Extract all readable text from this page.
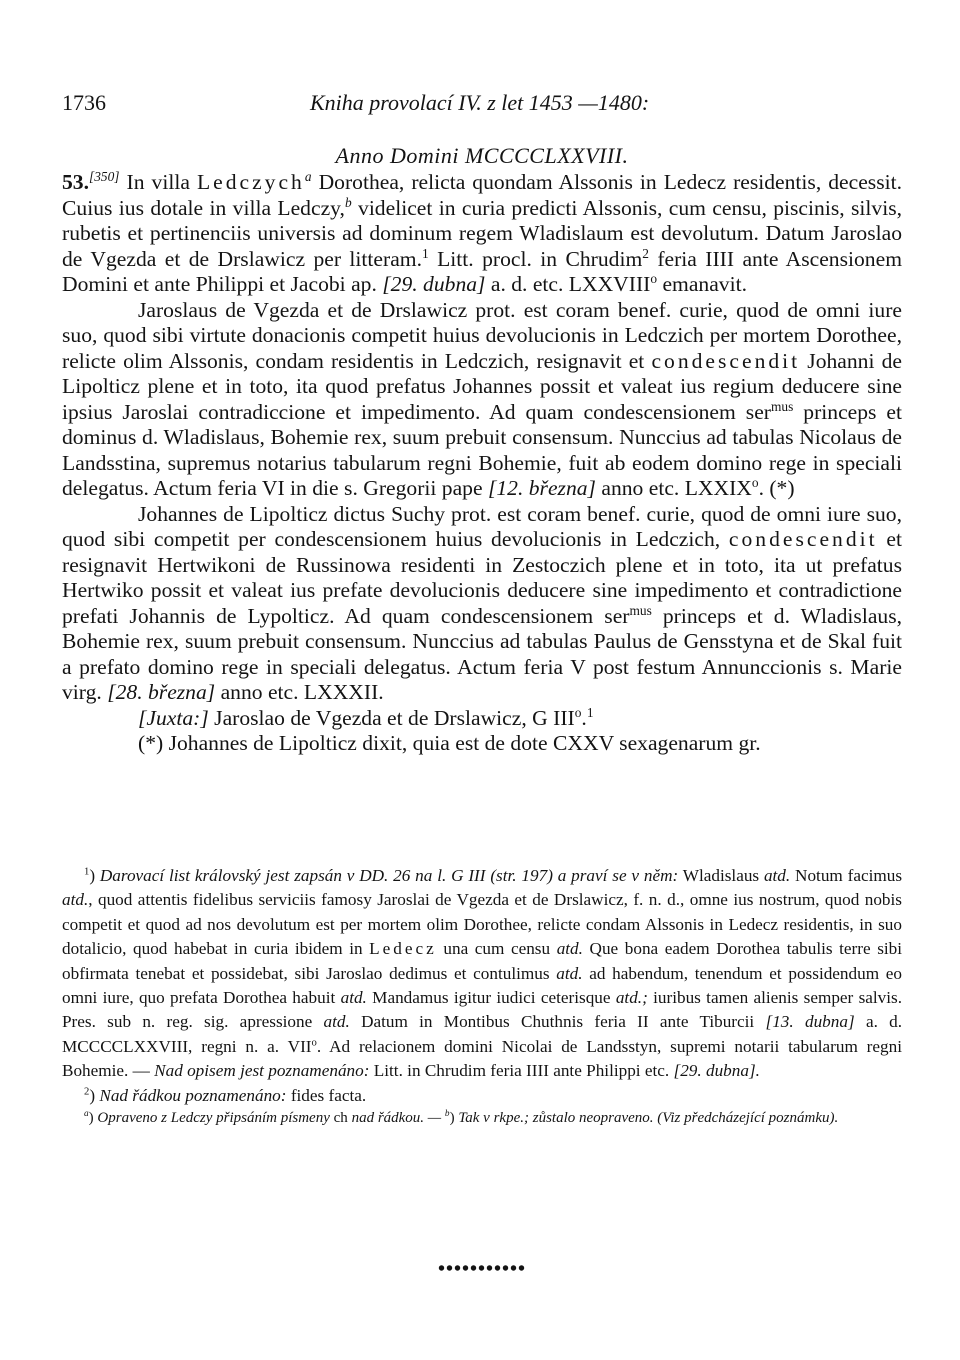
1736	Kniha provolací IV. z let 1453 —1480:
Anno Domini MCCCCLXXVIII.

53.[350] In villa Ledczych$^a$ Dorothea, relicta quondam Alssonis in Ledecz residentis, decessit. Cuius ius dotale in villa Ledczy,$^b$ videlicet in curia predicti Alssonis, cum censu, piscinis, silvis, rubetis et pertinenciis universis ad dominum regem Wladislaum est devolutum. Datum Jaroslao de Vgezda et de Drslawicz per litteram.$^1$ Litt. procl. in Chrudim$^2$ feria IIII ante Ascensionem Domini et ante Philippi et Jacobi ap. [29. dubna] a. d. etc. LXXVIII$^o$ emanavit.

Jaroslaus de Vgezda et de Drslawicz prot. est coram benef. curie, quod de omni iure suo, quod sibi virtute donacionis competit huius devolucionis in Ledczich per mortem Dorothee, relicte olim Alssonis, condam residentis in Ledczich, resignavit et condescendit Johanni de Lipolticz plene et in toto, ita quod prefatus Johannes possit et valeat ius regium deducere sine ipsius Jaroslai contradiccione et impedimento. Ad quam condescensionem ser$^{mus}$ princeps et dominus d. Wladislaus, Bohemie rex, suum prebuit consensum. Nunccius ad tabulas Nicolaus de Landsstina, supremus notarius tabularum regni Bohemie, fuit ab eodem domino rege in speciali delegatus. Actum feria VI in die s. Gregorii pape [12. března] anno etc. LXXIX$^o$. (*)

Johannes de Lipolticz dictus Suchy prot. est coram benef. curie, quod de omni iure suo, quod sibi competit per condescensionem huius devolucionis in Ledczich, condescendit et resignavit Hertwikoni de Russinowa residenti in Zestoczich plene et in toto, ita ut prefatus Hertwiko possit et valeat ius prefate devolucionis deducere sine impedimento et contradictione prefati Johannis de Lypolticz. Ad quam condescensionem ser$^{mus}$ princeps et d. Wladislaus, Bohemie rex, suum prebuit consensum. Nunccius ad tabulas Paulus de Gensstyna et de Skal fuit a prefato domino rege in speciali delegatus. Actum feria V post festum Annunccionis s. Marie virg. [28. března] anno etc. LXXXII.

[Juxta:] Jaroslao de Vgezda et de Drslawicz, G III$^o$.$^1$

(*) Johannes de Lipolticz dixit, quia est de dote CXXV sexagenarum gr.

$^1$) Darovací list královský jest zapsán v DD. 26 na l. G III (str. 197) a praví se v něm: Wladislaus atd. Notum facimus atd., quod attentis fidelibus serviciis famosy Jaroslai de Vgezda et de Drslawicz, f. n. d., omne ius nostrum, quod nobis competit et quod ad nos devolutum est per mortem olim Dorothee, relicte condam Alssonis in Ledecz residentis, in suo dotalicio, quod habebat in curia ibidem in Ledecz una cum censu atd. Que bona eadem Dorothea tabulis terre sibi obfirmata tenebat et possidebat, sibi Jaroslao dedimus et contulimus atd. ad habendum, tenendum et possidendum eo omni iure, quo prefata Dorothea habuit atd. Mandamus igitur iudici ceterisque atd.; iuribus tamen alienis semper salvis. Pres. sub n. reg. sig. apressione atd. Datum in Montibus Chuthnis feria II ante Tiburcii [13. dubna] a. d. MCCCCLXXVIII, regni n. a. VII$^o$. Ad relacionem domini Nicolai de Landsstyn, supremi notarii tabularum regni Bohemie. — Nad opisem jest poznamenáno: Litt. in Chrudim feria IIII ante Philippi etc. [29. dubna].

$^2$) Nad řádkou poznamenáno: fides facta.

$^a$) Opraveno z Ledczy připsáním písmeny ch nad řádkou. — $^b$) Tak v rkpe.; zůstalo neopraveno. (Viz předcházející poznámku).

•••••••••••
